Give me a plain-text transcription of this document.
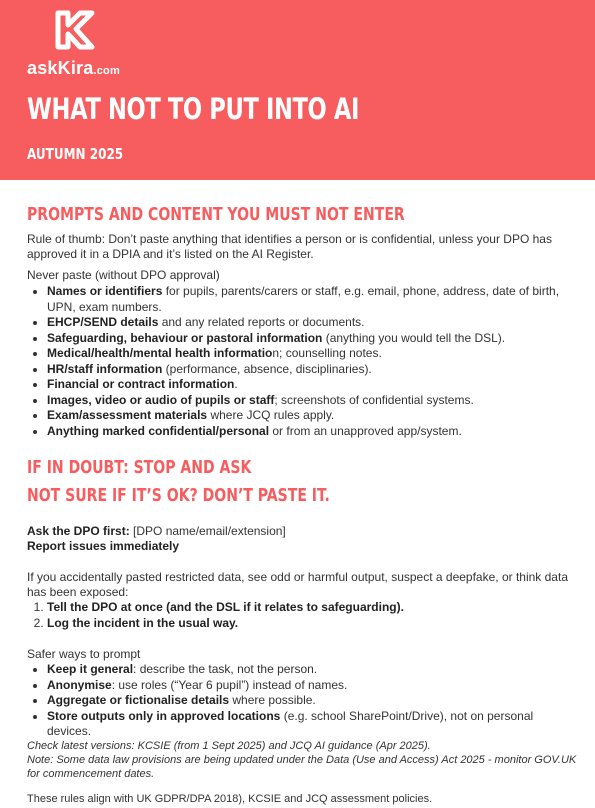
askKira.com
WHAT NOT TO PUT INTO AI
AUTUMN 2025
PROMPTS AND CONTENT YOU MUST NOT ENTER

Rule of thumb: Don’t paste anything that identifies a person or is confidential, unless your DPO has

approved it in a DPIA and it’s listed on the AI Register.

Never paste (without DPO approval)

• Names or identifiers for pupils, parents/carers or staff, e.g. email, phone, address, date of birth, UPN, exam numbers.
• EHCP/SEND details and any related reports or documents.
• Safeguarding, behaviour or pastoral information (anything you would tell the DSL).
• Medical/health/mental health information; counselling notes.
• HR/staff information (performance, absence, disciplinaries).
• Financial or contract information.
• Images, video or audio of pupils or staff; screenshots of confidential systems.
• Exam/assessment materials where JCQ rules apply.
• Anything marked confidential/personal or from an unapproved app/system.
IF IN DOUBT: STOP AND ASK
NOT SURE IF IT’S OK? DON’T PASTE IT.

Ask the DPO first: [DPO name/email/extension]

Report issues immediately

If you accidentally pasted restricted data, see odd or harmful output, suspect a deepfake, or think data

has been exposed:

1. Tell the DPO at once (and the DSL if it relates to safeguarding).
2. Log the incident in the usual way.

Safer ways to prompt

• Keep it general: describe the task, not the person.
• Anonymise: use roles (“Year 6 pupil”) instead of names.
• Aggregate or fictionalise details where possible.
• Store outputs only in approved locations (e.g. school SharePoint/Drive), not on personal devices.

Check latest versions: KCSIE (from 1 Sept 2025) and JCQ AI guidance (Apr 2025).

Note: Some data law provisions are being updated under the Data (Use and Access) Act 2025 - monitor GOV.UK

for commencement dates.

These rules align with UK GDPR/DPA 2018), KCSIE and JCQ assessment policies.
